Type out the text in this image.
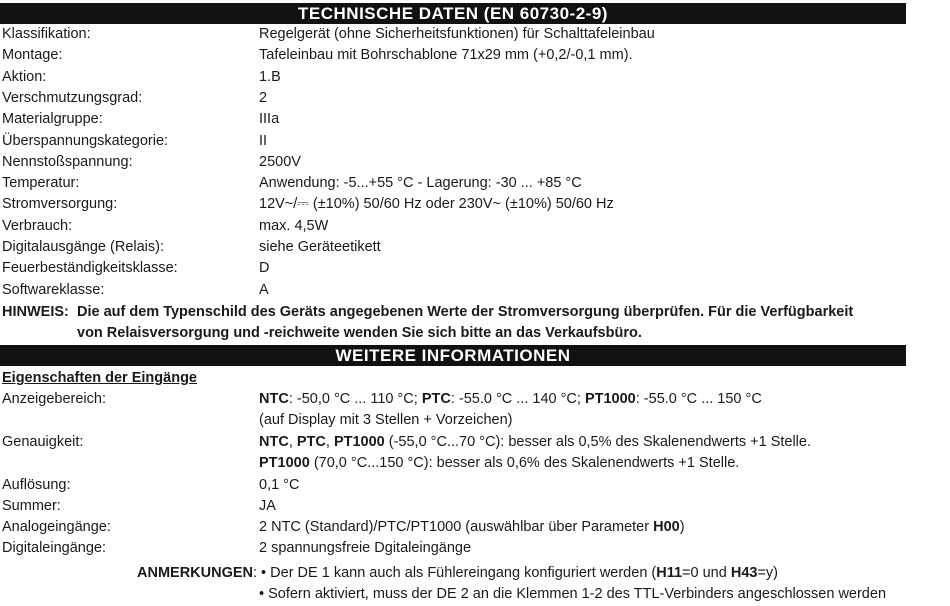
TECHNISCHE DATEN (EN 60730-2-9)
Klassifikation:	Regelgerät (ohne Sicherheitsfunktionen) für Schalttafeleinbau
Montage:	Tafeleinbau mit Bohrschablone 71x29 mm (+0,2/-0,1 mm).
Aktion:	1.B
Verschmutzungsgrad:	2
Materialgruppe:	IIIa
Überspannungskategorie:	II
Nennstoßspannung:	2500V
Temperatur:	Anwendung: -5...+55 °C - Lagerung: -30 ... +85 °C
Stromversorgung:	12V~/⎓ (±10%) 50/60 Hz oder 230V~ (±10%) 50/60 Hz
Verbrauch:	max. 4,5W
Digitalausgänge (Relais):	siehe Geräteetikett
Feuerbeständigkeitsklasse:	D
Softwareklasse:	A
HINWEIS: Die auf dem Typenschild des Geräts angegebenen Werte der Stromversorgung überprüfen. Für die Verfügbarkeit
von Relaisversorgung und -reichweite wenden Sie sich bitte an das Verkaufsbüro.
WEITERE INFORMATIONEN
Eigenschaften der Eingänge
Anzeigebereich:	NTC: -50,0 °C ... 110 °C; PTC: -55.0 °C ... 140 °C; PT1000: -55.0 °C ... 150 °C
(auf Display mit 3 Stellen + Vorzeichen)
Genauigkeit:	NTC, PTC, PT1000 (-55,0 °C...70 °C): besser als 0,5% des Skalenendwerts +1 Stelle.
PT1000 (70,0 °C...150 °C): besser als 0,6% des Skalenendwerts +1 Stelle.
Auflösung:	0,1 °C
Summer:	JA
Analogeingänge:	2 NTC (Standard)/PTC/PT1000 (auswählbar über Parameter H00)
Digitaleingänge:	2 spannungsfreie Dgitaleingänge
ANMERKUNGEN: • Der DE 1 kann auch als Fühlereingang konfiguriert werden (H11=0 und H43=y)
• Sofern aktiviert, muss der DE 2 an die Klemmen 1-2 des TTL-Verbinders angeschlossen werden
